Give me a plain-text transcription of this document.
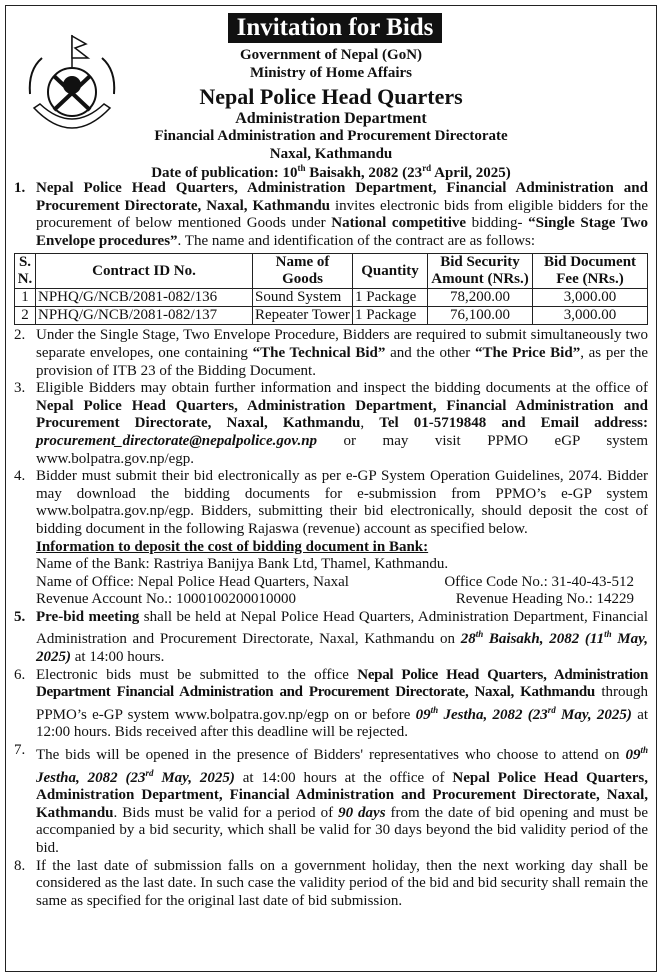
Invitation for Bids
Government of Nepal (GoN)
Ministry of Home Affairs
Nepal Police Head Quarters
Administration Department
Financial Administration and Procurement Directorate
Naxal, Kathmandu
Date of publication: 10th Baisakh, 2082 (23rd April, 2025)
1. Nepal Police Head Quarters, Administration Department, Financial Administration and Procurement Directorate, Naxal, Kathmandu invites electronic bids from eligible bidders for the procurement of below mentioned Goods under National competitive bidding- “Single Stage Two Envelope procedures”. The name and identification of the contract are as follows:
S. N.	Contract ID No.	Name of Goods	Quantity	Bid Security Amount (NRs.)	Bid Document Fee (NRs.)
1	NPHQ/G/NCB/2081-082/136	Sound System	1 Package	78,200.00	3,000.00
2	NPHQ/G/NCB/2081-082/137	Repeater Tower	1 Package	76,100.00	3,000.00
2. Under the Single Stage, Two Envelope Procedure, Bidders are required to submit simultaneously two separate envelopes, one containing “The Technical Bid” and the other “The Price Bid”, as per the provision of ITB 23 of the Bidding Document.
3. Eligible Bidders may obtain further information and inspect the bidding documents at the office of Nepal Police Head Quarters, Administration Department, Financial Administration and Procurement Directorate, Naxal, Kathmandu, Tel 01-5719848 and Email address: procurement_directorate@nepalpolice.gov.np or may visit PPMO eGP system www.bolpatra.gov.np/egp.
4. Bidder must submit their bid electronically as per e-GP System Operation Guidelines, 2074. Bidder may download the bidding documents for e-submission from PPMO’s e-GP system www.bolpatra.gov.np/egp. Bidders, submitting their bid electronically, should deposit the cost of bidding document in the following Rajaswa (revenue) account as specified below.
Information to deposit the cost of bidding document in Bank:
Name of the Bank: Rastriya Banijya Bank Ltd, Thamel, Kathmandu.
Name of Office: Nepal Police Head Quarters, Naxal	Office Code No.: 31-40-43-512
Revenue Account No.: 1000100200010000	Revenue Heading No.: 14229
5. Pre-bid meeting shall be held at Nepal Police Head Quarters, Administration Department, Financial Administration and Procurement Directorate, Naxal, Kathmandu on 28th Baisakh, 2082 (11th May, 2025) at 14:00 hours.
6. Electronic bids must be submitted to the office Nepal Police Head Quarters, Administration Department Financial Administration and Procurement Directorate, Naxal, Kathmandu through PPMO’s e-GP system www.bolpatra.gov.np/egp on or before 09th Jestha, 2082 (23rd May, 2025) at 12:00 hours. Bids received after this deadline will be rejected.
7. The bids will be opened in the presence of Bidders' representatives who choose to attend on 09th Jestha, 2082 (23rd May, 2025) at 14:00 hours at the office of Nepal Police Head Quarters, Administration Department, Financial Administration and Procurement Directorate, Naxal, Kathmandu. Bids must be valid for a period of 90 days from the date of bid opening and must be accompanied by a bid security, which shall be valid for 30 days beyond the bid validity period of the bid.
8. If the last date of submission falls on a government holiday, then the next working day shall be considered as the last date. In such case the validity period of the bid and bid security shall remain the same as specified for the original last date of bid submission.
